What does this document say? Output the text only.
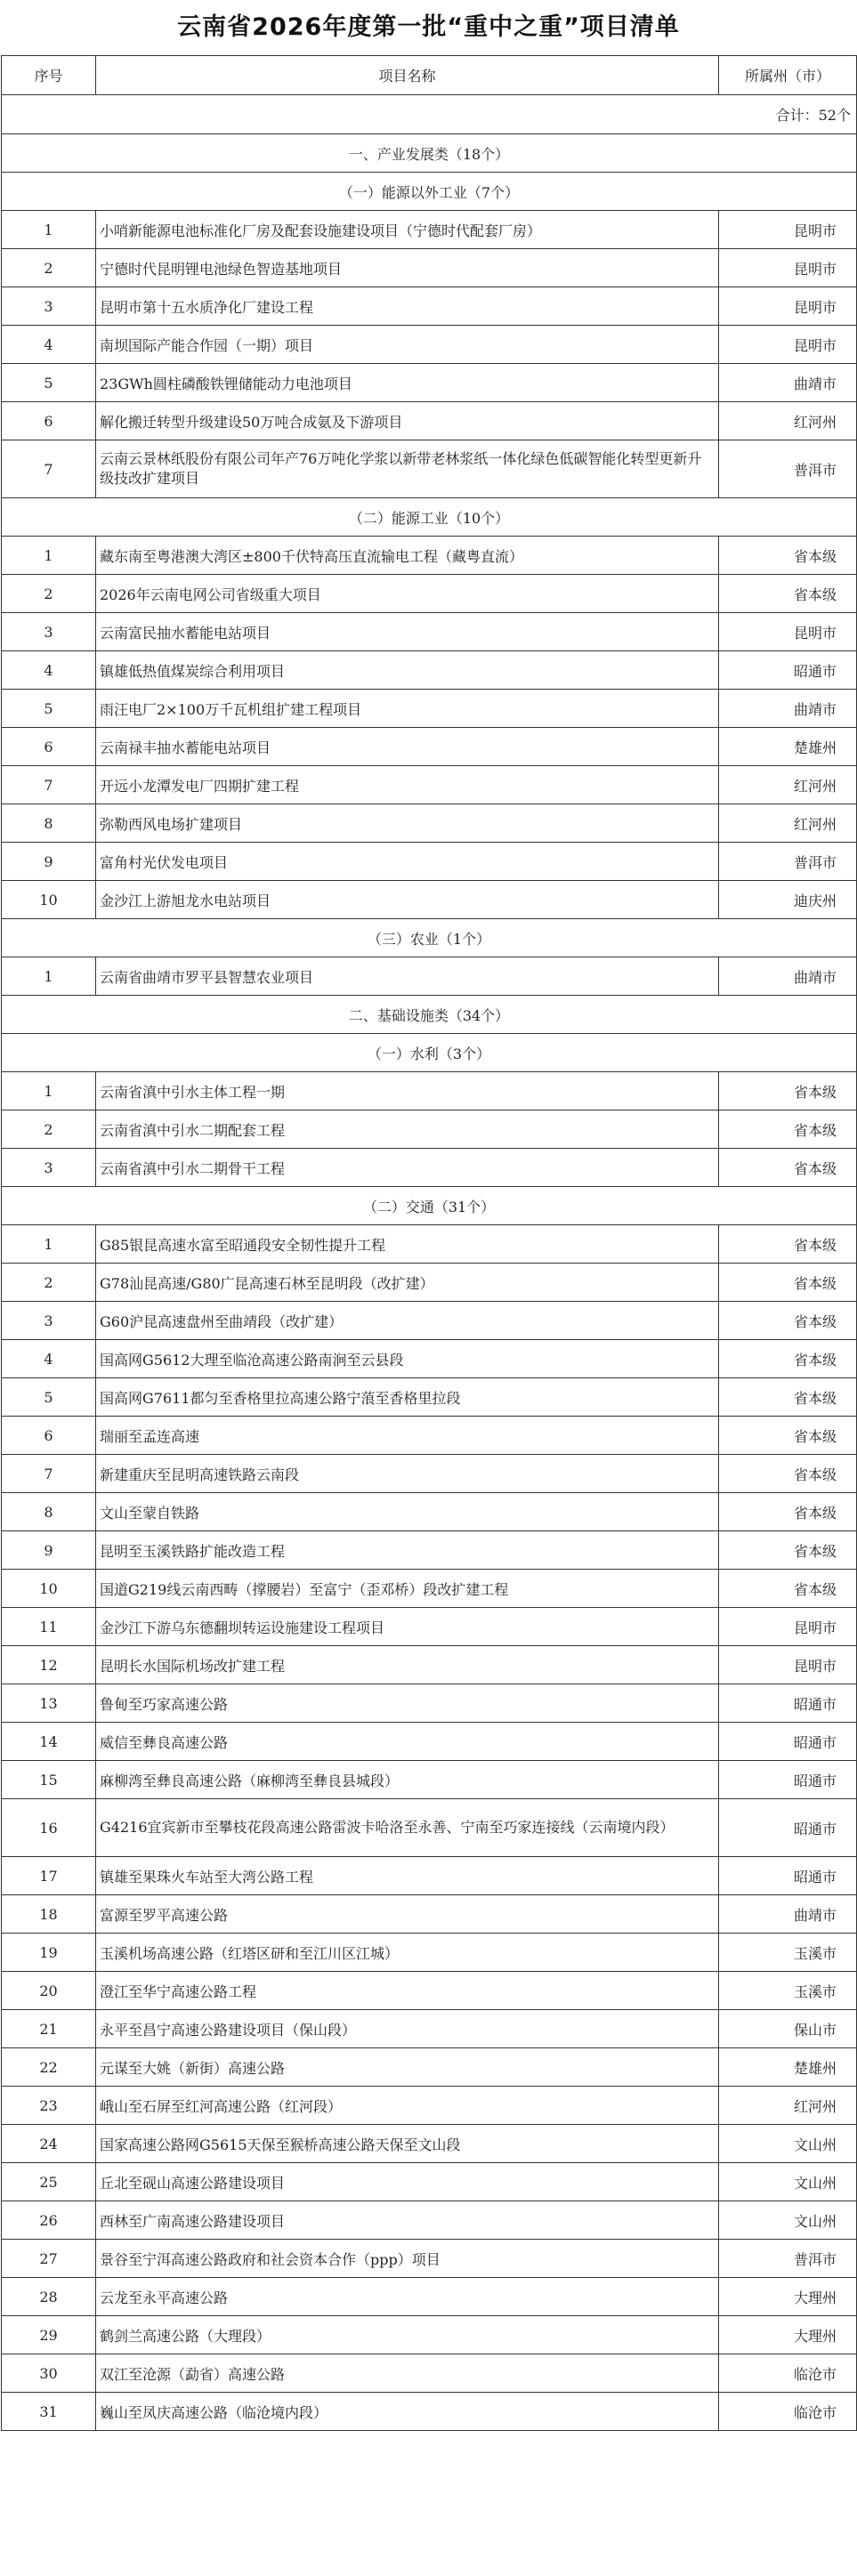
云南省2026年度第一批“重中之重”项目清单
序号	项目名称	所属州（市）
合计：52个		
一、产业发展类（18个）		
（一）能源以外工业（7个）		
1	小哨新能源电池标准化厂房及配套设施建设项目（宁德时代配套厂房）	昆明市
2	宁德时代昆明锂电池绿色智造基地项目	昆明市
3	昆明市第十五水质净化厂建设工程	昆明市
4	南坝国际产能合作园（一期）项目	昆明市
5	23GWh圆柱磷酸铁锂储能动力电池项目	曲靖市
6	解化搬迁转型升级建设50万吨合成氨及下游项目	红河州
7	云南云景林纸股份有限公司年产76万吨化学浆以新带老林浆纸一体化绿色低碳智能化转型更新升级技改扩建项目	普洱市
（二）能源工业（10个）		
1	藏东南至粤港澳大湾区±800千伏特高压直流输电工程（藏粤直流）	省本级
2	2026年云南电网公司省级重大项目	省本级
3	云南富民抽水蓄能电站项目	昆明市
4	镇雄低热值煤炭综合利用项目	昭通市
5	雨汪电厂2×100万千瓦机组扩建工程项目	曲靖市
6	云南禄丰抽水蓄能电站项目	楚雄州
7	开远小龙潭发电厂四期扩建工程	红河州
8	弥勒西风电场扩建项目	红河州
9	富角村光伏发电项目	普洱市
10	金沙江上游旭龙水电站项目	迪庆州
（三）农业（1个）		
1	云南省曲靖市罗平县智慧农业项目	曲靖市
二、基础设施类（34个）		
（一）水利（3个）		
1	云南省滇中引水主体工程一期	省本级
2	云南省滇中引水二期配套工程	省本级
3	云南省滇中引水二期骨干工程	省本级
（二）交通（31个）		
1	G85银昆高速水富至昭通段安全韧性提升工程	省本级
2	G78汕昆高速/G80广昆高速石林至昆明段（改扩建）	省本级
3	G60沪昆高速盘州至曲靖段（改扩建）	省本级
4	国高网G5612大理至临沧高速公路南涧至云县段	省本级
5	国高网G7611都匀至香格里拉高速公路宁蒗至香格里拉段	省本级
6	瑞丽至孟连高速	省本级
7	新建重庆至昆明高速铁路云南段	省本级
8	文山至蒙自铁路	省本级
9	昆明至玉溪铁路扩能改造工程	省本级
10	国道G219线云南西畴（撑腰岩）至富宁（歪邓桥）段改扩建工程	省本级
11	金沙江下游乌东德翻坝转运设施建设工程项目	昆明市
12	昆明长水国际机场改扩建工程	昆明市
13	鲁甸至巧家高速公路	昭通市
14	威信至彝良高速公路	昭通市
15	麻柳湾至彝良高速公路（麻柳湾至彝良县城段）	昭通市
16	G4216宜宾新市至攀枝花段高速公路雷波卡哈洛至永善、宁南至巧家连接线（云南境内段）	昭通市
17	镇雄至果珠火车站至大湾公路工程	昭通市
18	富源至罗平高速公路	曲靖市
19	玉溪机场高速公路（红塔区研和至江川区江城）	玉溪市
20	澄江至华宁高速公路工程	玉溪市
21	永平至昌宁高速公路建设项目（保山段）	保山市
22	元谋至大姚（新街）高速公路	楚雄州
23	峨山至石屏至红河高速公路（红河段）	红河州
24	国家高速公路网G5615天保至猴桥高速公路天保至文山段	文山州
25	丘北至砚山高速公路建设项目	文山州
26	西林至广南高速公路建设项目	文山州
27	景谷至宁洱高速公路政府和社会资本合作（ppp）项目	普洱市
28	云龙至永平高速公路	大理州
29	鹤剑兰高速公路（大理段）	大理州
30	双江至沧源（勐省）高速公路	临沧市
31	巍山至凤庆高速公路（临沧境内段）	临沧市
